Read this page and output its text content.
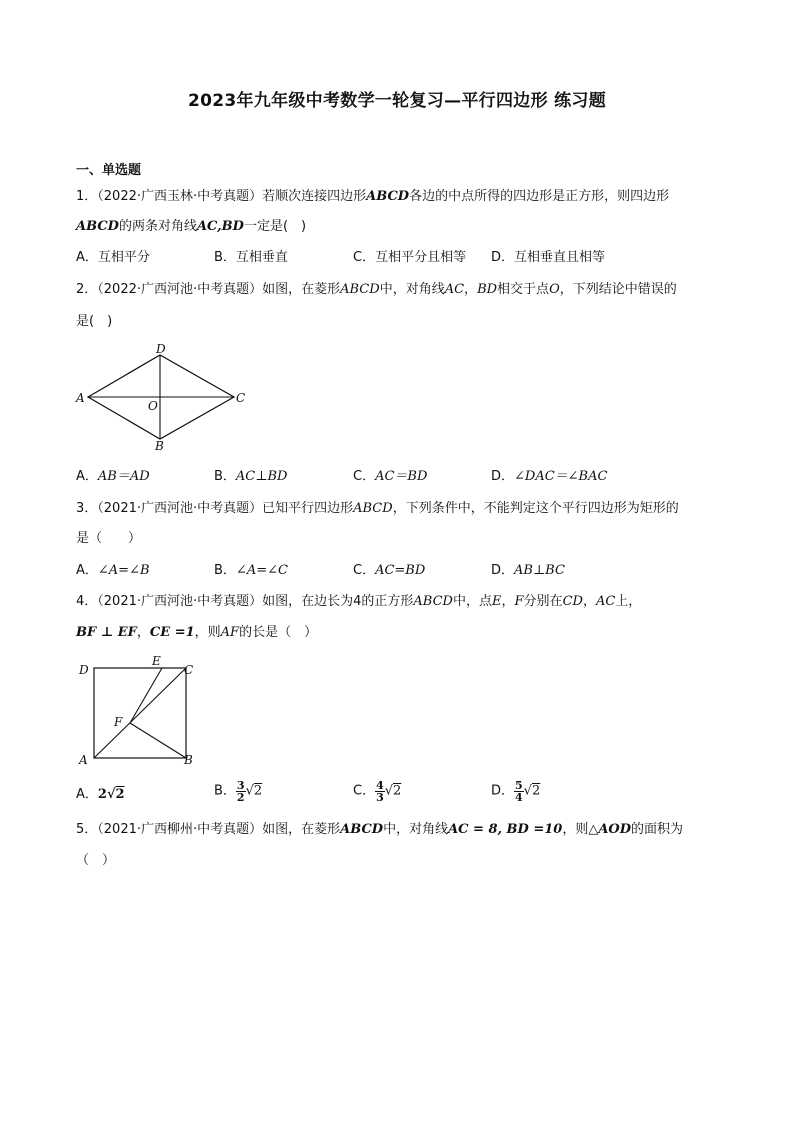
2023年九年级中考数学一轮复习—平行四边形 练习题
一、单选题
1．（2022·广西玉林·中考真题）若顺次连接四边形ABCD各边的中点所得的四边形是正方形，则四边形
ABCD的两条对角线AC,BD一定是(　)
A．互相平分	B．互相垂直	C．互相平分且相等 D．互相垂直且相等
2．（2022·广西河池·中考真题）如图，在菱形ABCD中，对角线AC，BD相交于点O，下列结论中错误的
是(　)
A
D
C
B
O
A．AB＝AD	B．AC⊥BD	C．AC＝BD	D．∠DAC＝∠BAC
3．（2021·广西河池·中考真题）已知平行四边形ABCD，下列条件中，不能判定这个平行四边形为矩形的
是（　　）
A．∠A=∠B	B．∠A=∠C	C．AC=BD	D．AB⊥BC
4．（2021·广西河池·中考真题）如图，在边长为4的正方形ABCD中，点E，F分别在CD，AC上，
BF ⊥ EF，CE =1，则AF的长是（　）
D
E
C
F
A	B
A．2√2	B． $\frac{3}{2} √2$	C． $\frac{4}{3} √2$	D． $\frac{5}{4} √2$
5．（2021·广西柳州·中考真题）如图，在菱形ABCD中，对角线AC = 8, BD =10，则△AOD的面积为
（　）
